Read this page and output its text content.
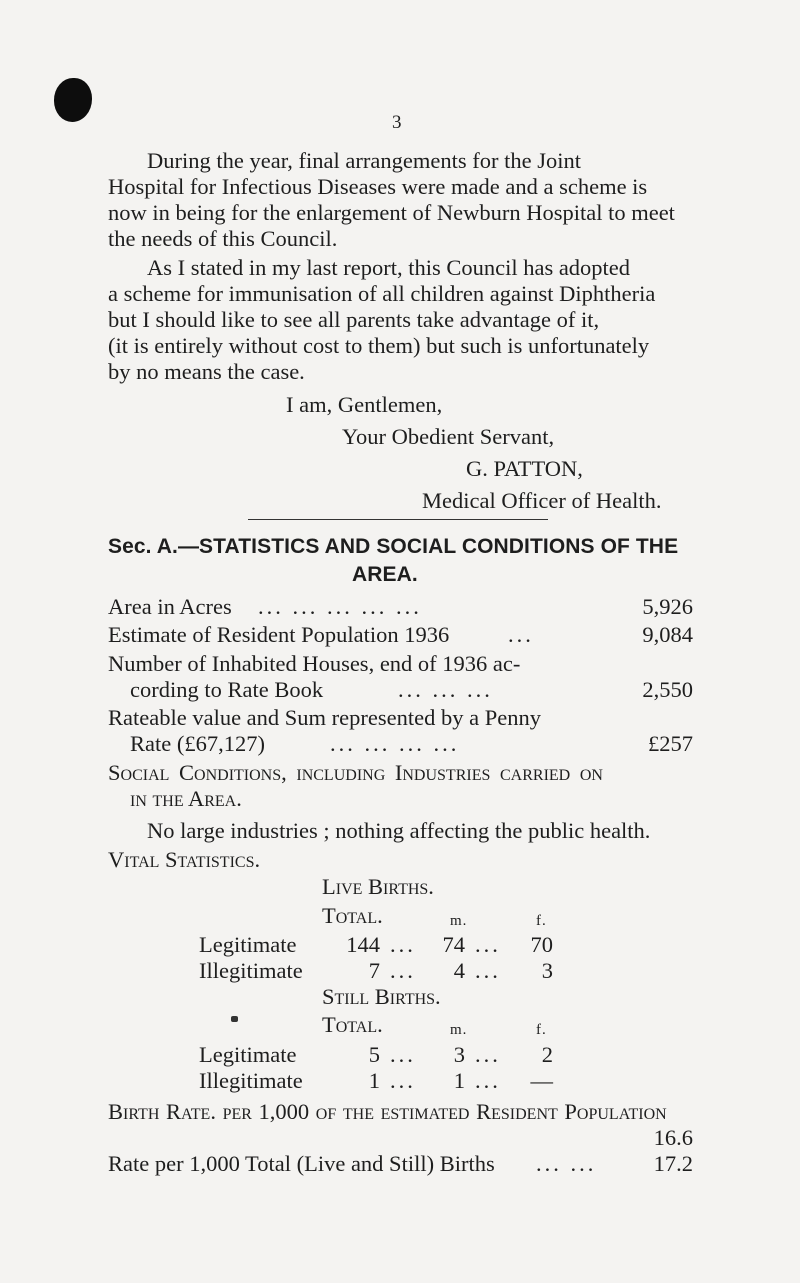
3
During the year, final arrangements for the Joint
Hospital for Infectious Diseases were made and a scheme is
now in being for the enlargement of Newburn Hospital to meet
the needs of this Council.
As I stated in my last report, this Council has adopted
a scheme for immunisation of all children against Diphtheria
but I should like to see all parents take advantage of it,
(it is entirely without cost to them) but such is unfortunately
by no means the case.
I am, Gentlemen,
Your Obedient Servant,
G. PATTON,
Medical Officer of Health.
Sec. A.—STATISTICS AND SOCIAL CONDITIONS OF THE
AREA.
Area in Acres ... ... ... ... ...	5,926
Estimate of Resident Population 1936	...	9,084
Number of Inhabited Houses, end of 1936 ac-
cording to Rate Book	... ... ...	2,550
Rateable value and Sum represented by a Penny
Rate (£67,127)	... ... ... ...	£257
Social Conditions, including Industries carried on
in the Area.
No large industries ; nothing affecting the public health.
Vital Statistics.
Live Births.
Total.	m.	f.
Legitimate	144 ...	74 ...	70
Illegitimate	7 ...	4 ...	3
Still Births.
Total.	m.	f.
Legitimate	5 ...	3 ...	2
Illegitimate	1 ...	1 ...	—
Birth Rate. per 1,000 of the estimated Resident Population
16.6
Rate per 1,000 Total (Live and Still) Births ... ...	17.2
